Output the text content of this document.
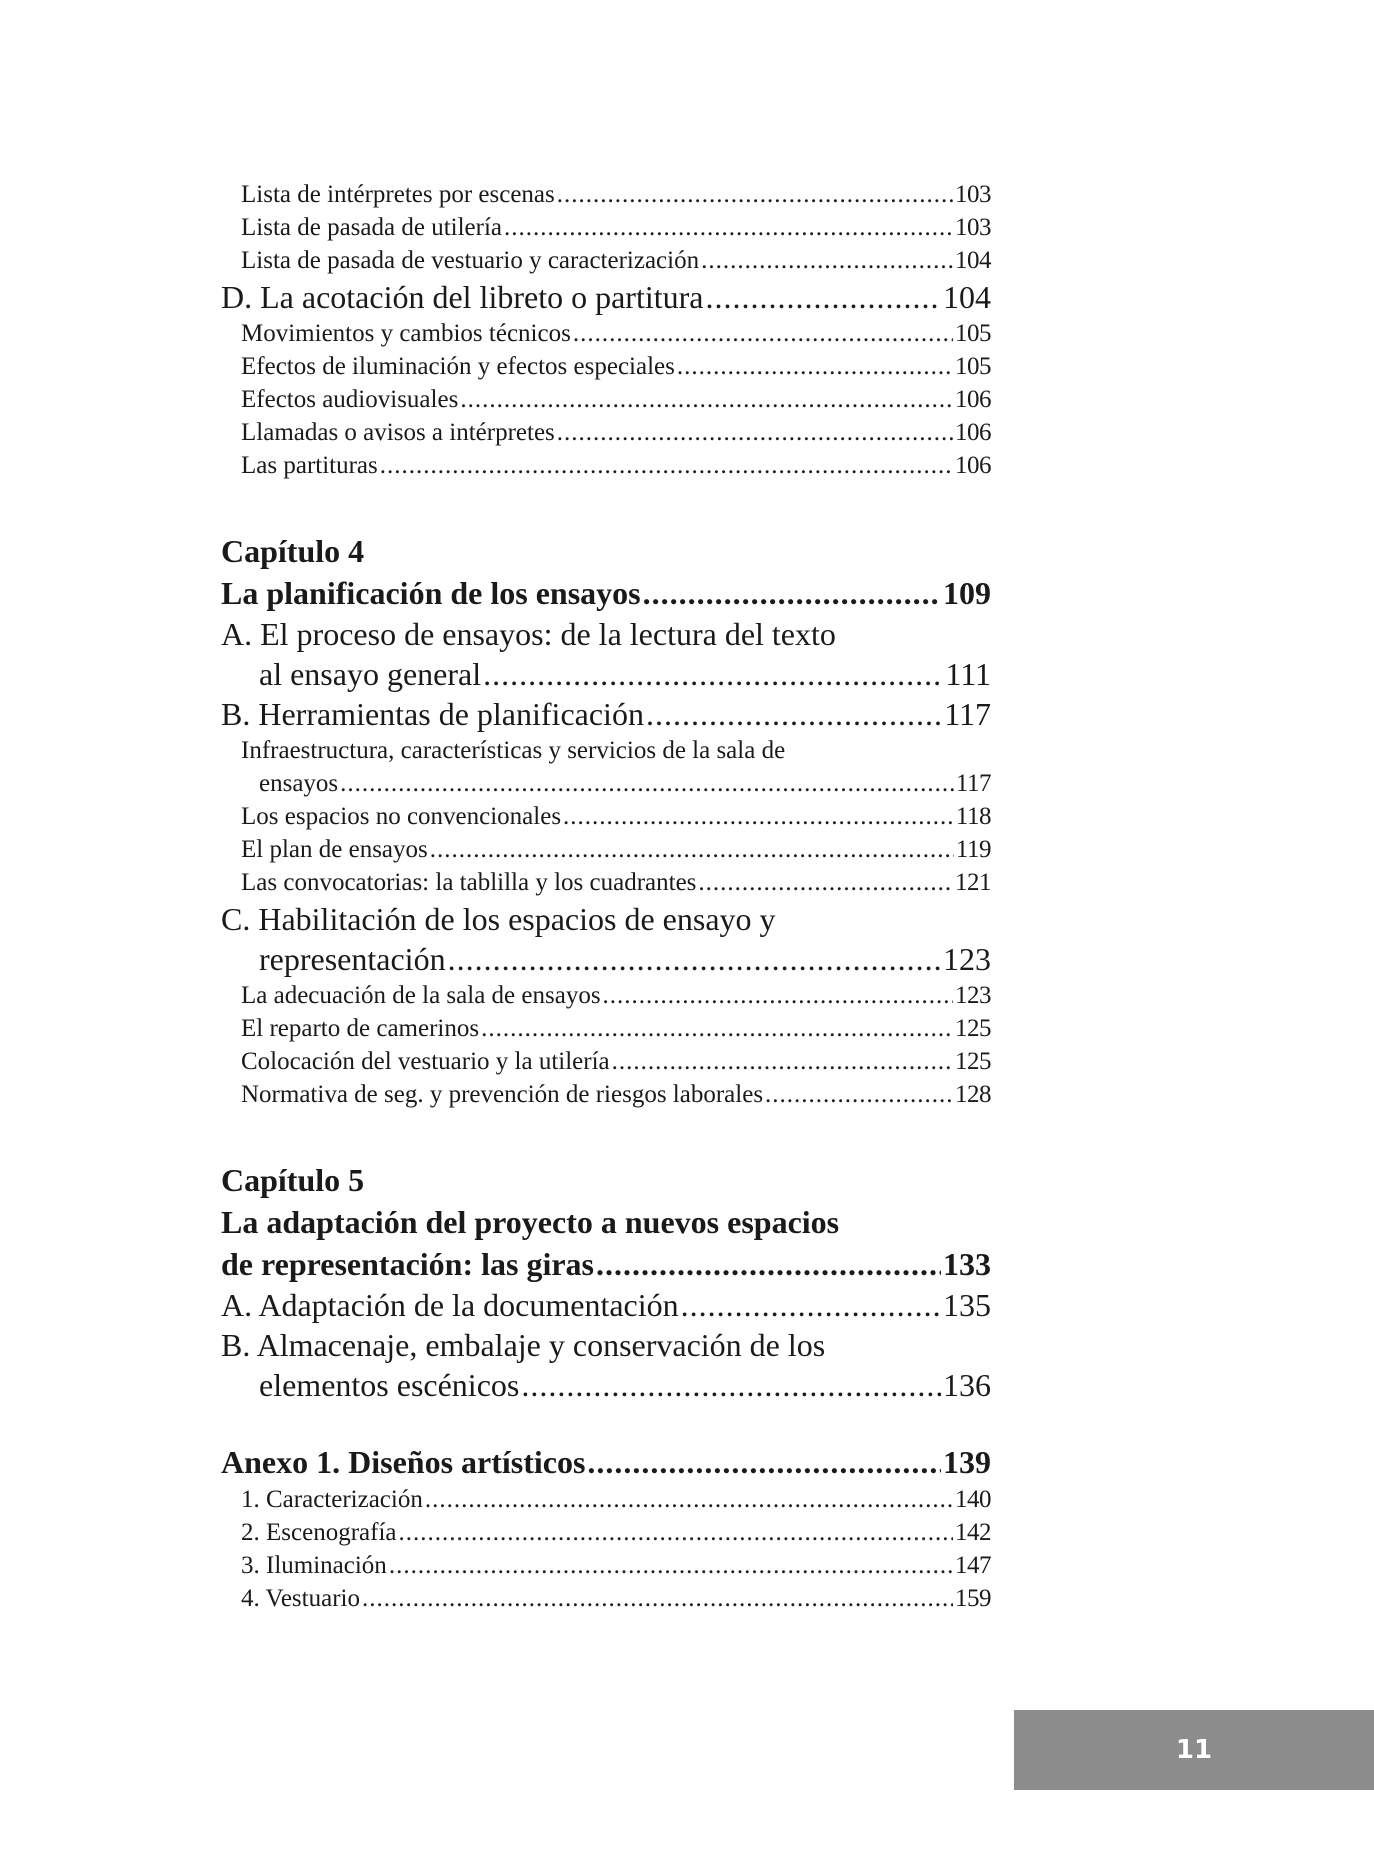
Lista de intérpretes por escenas .....	103
Lista de pasada de utilería .....	103
Lista de pasada de vestuario y caracterización .....	104
D. La acotación del libreto o partitura .....	104
Movimientos y cambios técnicos .....	105
Efectos de iluminación y efectos especiales .....	105
Efectos audiovisuales .....	106
Llamadas o avisos a intérpretes .....	106
Las partituras .....	106
Capítulo 4
La planificación de los ensayos .....	109
A. El proceso de ensayos: de la lectura del texto
al ensayo general .....	111
B. Herramientas de planificación .....	117
Infraestructura, características y servicios de la sala de
ensayos .....	117
Los espacios no convencionales .....	118
El plan de ensayos .....	119
Las convocatorias: la tablilla y los cuadrantes .....	121
C. Habilitación de los espacios de ensayo y
representación .....	123
La adecuación de la sala de ensayos .....	123
El reparto de camerinos .....	125
Colocación del vestuario y la utilería .....	125
Normativa de seg. y prevención de riesgos laborales .....	128
Capítulo 5
La adaptación del proyecto a nuevos espacios
de representación: las giras .....	133
A. Adaptación de la documentación .....	135
B. Almacenaje, embalaje y conservación de los
elementos escénicos .....	136
Anexo 1. Diseños artísticos .....	139
1. Caracterización .....	140
2. Escenografía .....	142
3. Iluminación .....	147
4. Vestuario .....	159
11
